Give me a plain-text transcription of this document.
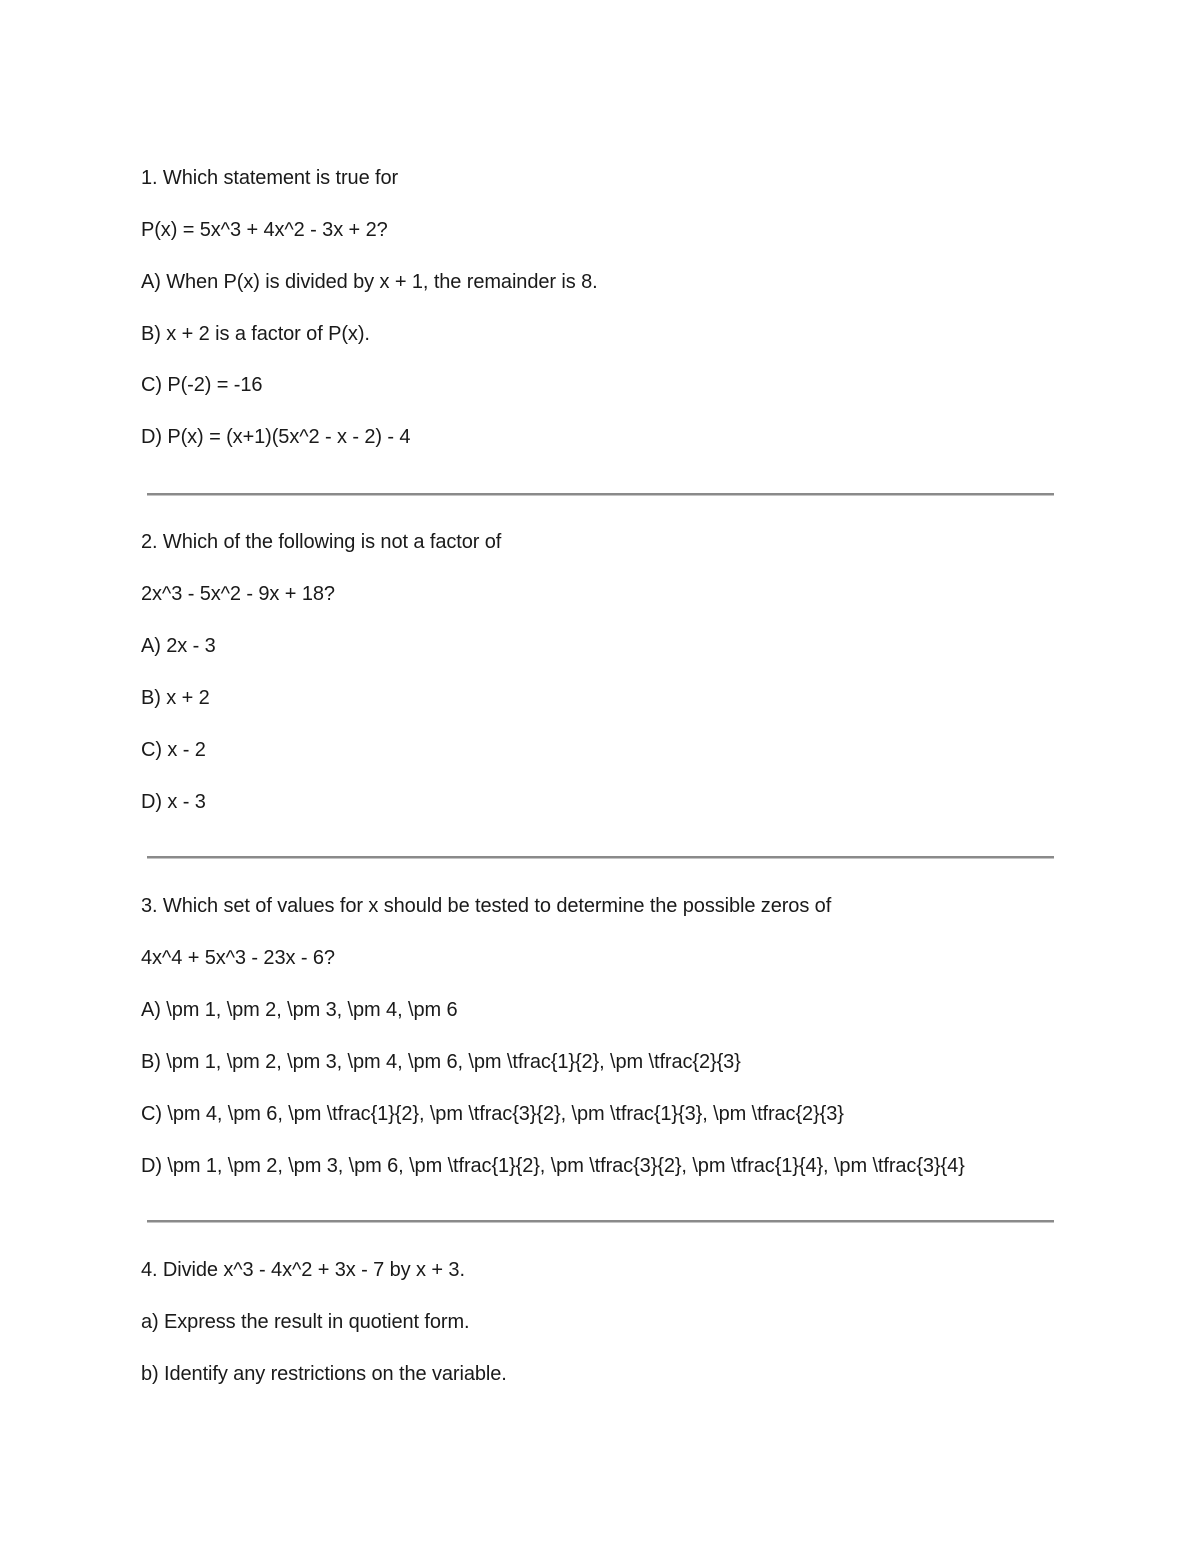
1. Which statement is true for
P(x) = 5x^3 + 4x^2 - 3x + 2?
A) When P(x) is divided by x + 1, the remainder is 8.
B) x + 2 is a factor of P(x).
C) P(-2) = -16
D) P(x) = (x+1)(5x^2 - x - 2) - 4
2. Which of the following is not a factor of
2x^3 - 5x^2 - 9x + 18?
A) 2x - 3
B) x + 2
C) x - 2
D) x - 3
3. Which set of values for x should be tested to determine the possible zeros of
4x^4 + 5x^3 - 23x - 6?
A) \pm 1, \pm 2, \pm 3, \pm 4, \pm 6
B) \pm 1, \pm 2, \pm 3, \pm 4, \pm 6, \pm \tfrac{1}{2}, \pm \tfrac{2}{3}
C) \pm 4, \pm 6, \pm \tfrac{1}{2}, \pm \tfrac{3}{2}, \pm \tfrac{1}{3}, \pm \tfrac{2}{3}
D) \pm 1, \pm 2, \pm 3, \pm 6, \pm \tfrac{1}{2}, \pm \tfrac{3}{2}, \pm \tfrac{1}{4}, \pm \tfrac{3}{4}
4. Divide x^3 - 4x^2 + 3x - 7 by x + 3.
a) Express the result in quotient form.
b) Identify any restrictions on the variable.
